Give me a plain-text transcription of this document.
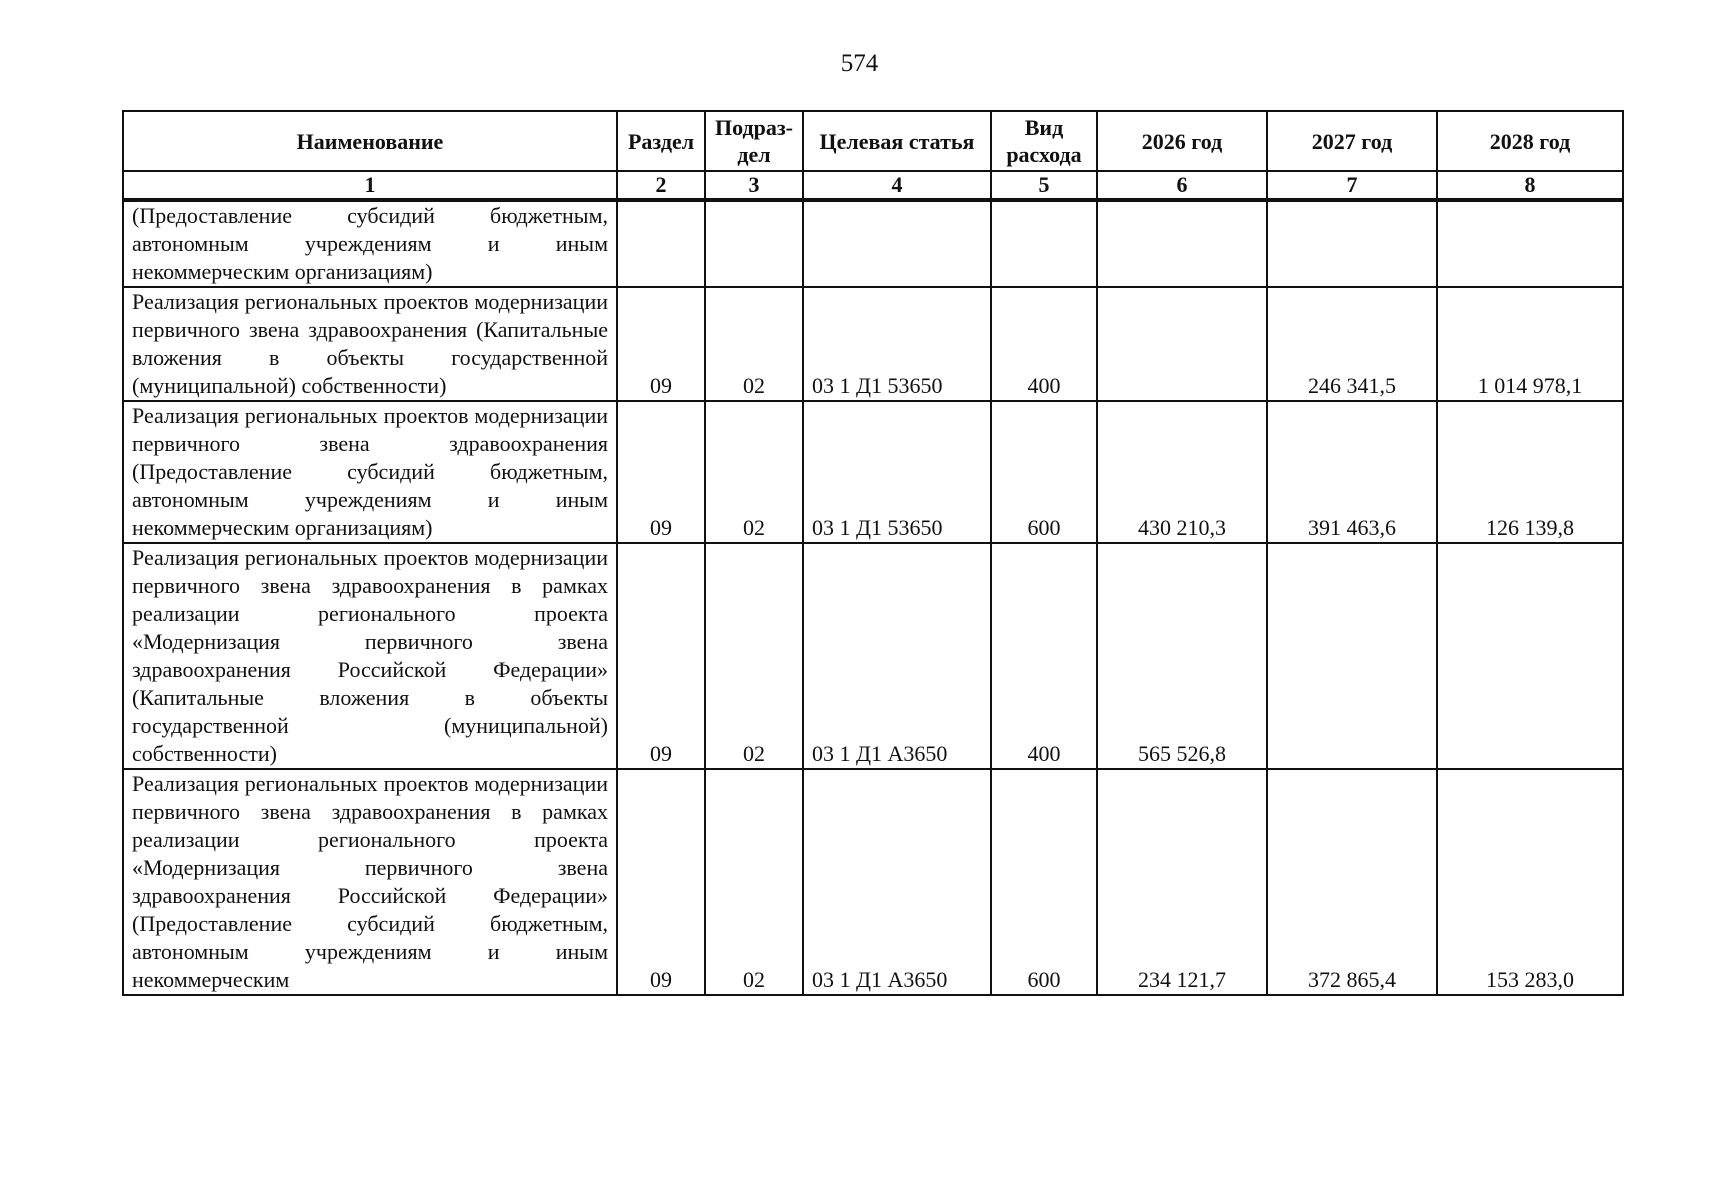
574
Наименование	Раздел	Подраз-дел	Целевая статья	Вид расхода	2026 год	2027 год	2028 год
1	2	3	4	5	6	7	8
(Предоставление субсидий бюджетным, автономным учреждениям и иным некоммерческим организациям)							
Реализация региональных проектов модернизации первичного звена здравоохранения (Капитальные вложения в объекты государственной (муниципальной) собственности)	09	02	03 1 Д1 53650	400		246 341,5	1 014 978,1
Реализация региональных проектов модернизации первичного звена здравоохранения (Предоставление субсидий бюджетным, автономным учреждениям и иным некоммерческим организациям)	09	02	03 1 Д1 53650	600	430 210,3	391 463,6	126 139,8
Реализация региональных проектов модернизации первичного звена здравоохранения в рамках реализации регионального проекта «Модернизация первичного звена здравоохранения Российской Федерации» (Капитальные вложения в объекты государственной (муниципальной) собственности)	09	02	03 1 Д1 А3650	400	565 526,8		
Реализация региональных проектов модернизации первичного звена здравоохранения в рамках реализации регионального проекта «Модернизация первичного звена здравоохранения Российской Федерации» (Предоставление субсидий бюджетным, автономным учреждениям и иным некоммерческим	09	02	03 1 Д1 А3650	600	234 121,7	372 865,4	153 283,0
